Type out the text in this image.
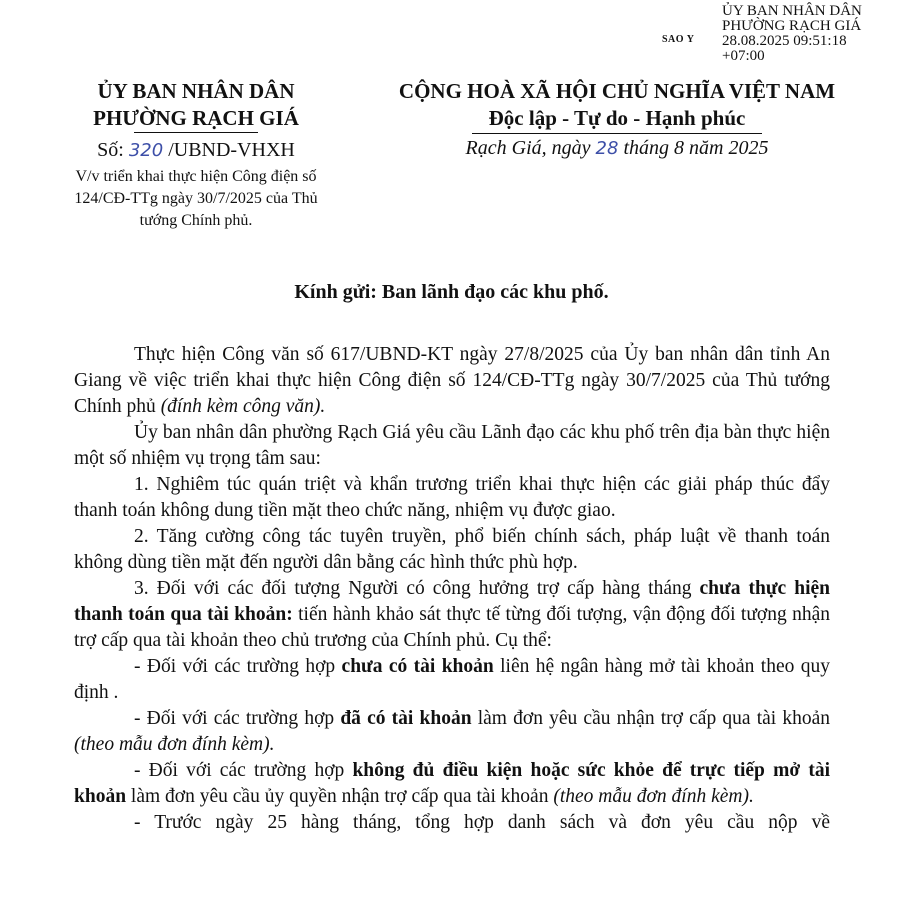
ỦY BAN NHÂN DÂN
PHƯỜNG RẠCH GIÁ
28.08.2025 09:51:18
+07:00
SAO Y
ỦY BAN NHÂN DÂN
PHƯỜNG RẠCH GIÁ
Số: 320 /UBND-VHXH
V/v triển khai thực hiện Công điện số
124/CĐ-TTg ngày 30/7/2025 của Thủ
tướng Chính phủ.
CỘNG HOÀ XÃ HỘI CHỦ NGHĨA VIỆT NAM
Độc lập - Tự do - Hạnh phúc
Rạch Giá, ngày 28 tháng 8 năm 2025
Kính gửi: Ban lãnh đạo các khu phố.

Thực hiện Công văn số 617/UBND-KT ngày 27/8/2025 của Ủy ban nhân dân tỉnh An Giang về việc triển khai thực hiện Công điện số 124/CĐ-TTg ngày 30/7/2025 của Thủ tướng Chính phủ (đính kèm công văn).

Ủy ban nhân dân phường Rạch Giá yêu cầu Lãnh đạo các khu phố trên địa bàn thực hiện một số nhiệm vụ trọng tâm sau:

1. Nghiêm túc quán triệt và khẩn trương triển khai thực hiện các giải pháp thúc đẩy thanh toán không dung tiền mặt theo chức năng, nhiệm vụ được giao.

2. Tăng cường công tác tuyên truyền, phổ biến chính sách, pháp luật về thanh toán không dùng tiền mặt đến người dân bằng các hình thức phù hợp.

3. Đối với các đối tượng Người có công hưởng trợ cấp hàng tháng chưa thực hiện thanh toán qua tài khoản: tiến hành khảo sát thực tế từng đối tượng, vận động đối tượng nhận trợ cấp qua tài khoản theo chủ trương của Chính phủ. Cụ thể:

- Đối với các trường hợp chưa có tài khoản liên hệ ngân hàng mở tài khoản theo quy định .

- Đối với các trường hợp đã có tài khoản làm đơn yêu cầu nhận trợ cấp qua tài khoản (theo mẫu đơn đính kèm).

- Đối với các trường hợp không đủ điều kiện hoặc sức khỏe để trực tiếp mở tài khoản làm đơn yêu cầu ủy quyền nhận trợ cấp qua tài khoản (theo mẫu đơn đính kèm).

- Trước ngày 25 hàng tháng, tổng hợp danh sách và đơn yêu cầu nộp về
